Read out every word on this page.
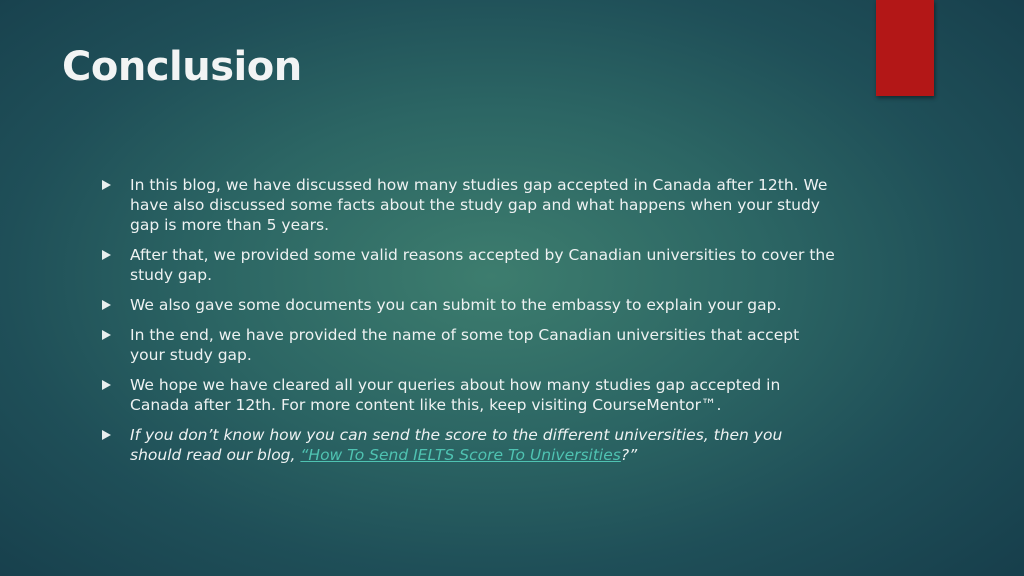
Conclusion
In this blog, we have discussed how many studies gap accepted in Canada after 12th. We have also discussed some facts about the study gap and what happens when your study gap is more than 5 years.
After that, we provided some valid reasons accepted by Canadian universities to cover the study gap.
We also gave some documents you can submit to the embassy to explain your gap.
In the end, we have provided the name of some top Canadian universities that accept your study gap.
We hope we have cleared all your queries about how many studies gap accepted in Canada after 12th. For more content like this, keep visiting CourseMentor™.
If you don’t know how you can send the score to the different universities, then you should read our blog, “How To Send IELTS Score To Universities?”
